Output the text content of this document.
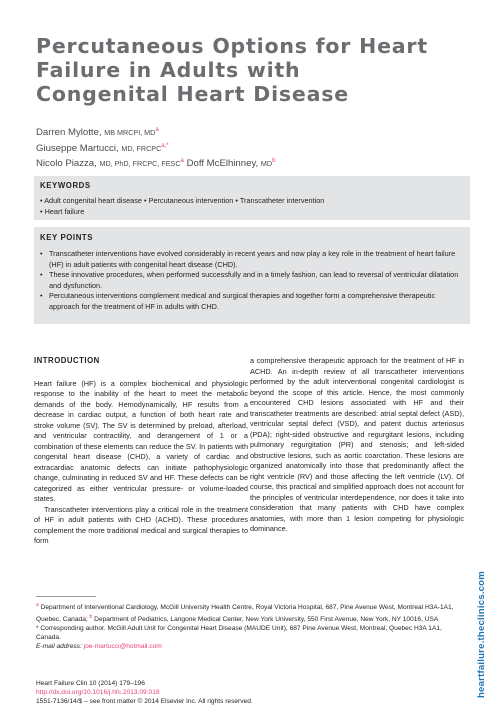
Percutaneous Options for Heart
Failure in Adults with
Congenital Heart Disease
Darren Mylotte, MB MRCPI, $MD^a$
Giuseppe Martucci, MD, $FRCPC^{a,*}$
Nicolo Piazza, MD, PhD, FRCPC, FESC$^a$ Doff McElhinney, $MD^b$
KEYWORDS
• Adult congenital heart disease • Percutaneous intervention • Transcatheter intervention
• Heart failure
KEY POINTS
•
Transcatheter interventions have evolved considerably in recent years and now play a key role in the treatment of heart failure (HF) in adult patients with congenital heart disease (CHD).
•
These innovative procedures, when performed successfully and in a timely fashion, can lead to reversal of ventricular dilatation and dysfunction.
•
Percutaneous interventions complement medical and surgical therapies and together form a comprehensive therapeutic approach for the treatment of HF in adults with CHD.
INTRODUCTION

Heart failure (HF) is a complex biochemical and physiologic response to the inability of the heart to meet the metabolic demands of the body. Hemodynamically, HF results from a decrease in cardiac output, a function of both heart rate and stroke volume (SV). The SV is determined by preload, afterload, and ventricular contractility, and derangement of 1 or a combination of these elements can reduce the SV. In patients with congenital heart disease (CHD), a variety of cardiac and extracardiac anatomic defects can initiate pathophysiologic change, culminating in reduced SV and HF. These defects can be categorized as either ventricular pressure- or volume-loaded states.

Transcatheter interventions play a critical role in the treatment of HF in adult patients with CHD (ACHD). These procedures complement the more traditional medical and surgical therapies to form

a comprehensive therapeutic approach for the treatment of HF in ACHD. An in-depth review of all transcatheter interventions performed by the adult interventional congenital cardiologist is beyond the scope of this article. Hence, the most commonly encountered CHD lesions associated with HF and their transcatheter treatments are described: atrial septal defect (ASD), ventricular septal defect (VSD), and patent ductus arteriosus (PDA); right-sided obstructive and regurgitant lesions, including pulmonary regurgitation (PR) and stenosis; and left-sided obstructive lesions, such as aortic coarctation. These lesions are organized anatomically into those that predominantly affect the right ventricle (RV) and those affecting the left ventricle (LV). Of course, this practical and simplified approach does not account for the principles of ventricular interdependence, nor does it take into consideration that many patients with CHD have complex anatomies, with more than 1 lesion competing for physiologic dominance.

$^a$ Department of Interventional Cardiology, McGill University Health Centre, Royal Victoria Hospital, 687, Pine Avenue West, Montreal H3A-1A1, Quebec, Canada; $^b$ Department of Pediatrics, Langone Medical Center, New York University, 550 First Avenue, New York, NY 10016, USA
* Corresponding author. McGill Adult Unit for Congenital Heart Disease (MAUDE Unit), 687 Pine Avenue West, Montreal, Quebec H3A 1A1, Canada.
E-mail address: joe-martucci@hotmail.com
Heart Failure Clin 10 (2014) 179–196
http://dx.doi.org/10.1016/j.hfc.2013.09.018
1551-7136/14/$ – see front matter © 2014 Elsevier Inc. All rights reserved.
heartfailure.theclinics.com
